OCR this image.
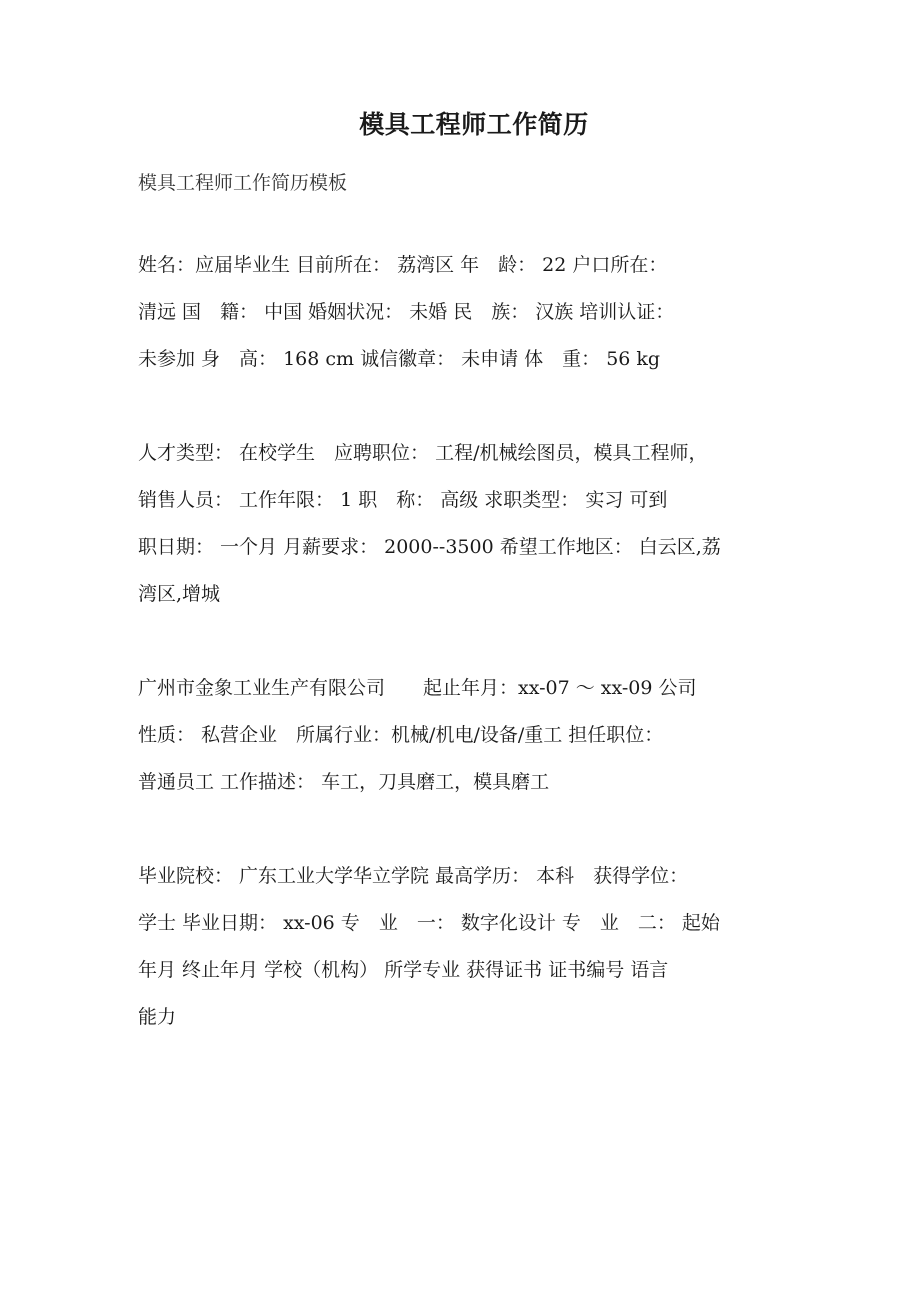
模具工程师工作简历

模具工程师工作简历模板

姓名：应届毕业生 目前所在： 荔湾区 年　龄： 22 户口所在：
清远 国　籍： 中国 婚姻状况： 未婚 民　族： 汉族 培训认证：
未参加 身　高： 168 cm 诚信徽章： 未申请 体　重： 56 kg
人才类型： 在校学生　应聘职位： 工程/机械绘图员，模具工程师，
销售人员： 工作年限： 1 职　称： 高级 求职类型： 实习 可到
职日期： 一个月 月薪要求： 2000--3500 希望工作地区： 白云区,荔
湾区,增城
广州市金象工业生产有限公司　　起止年月：xx-07 ～ xx-09 公司
性质： 私营企业　所属行业：机械/机电/设备/重工 担任职位：
普通员工 工作描述： 车工，刀具磨工，模具磨工
毕业院校： 广东工业大学华立学院 最高学历： 本科　获得学位：
学士 毕业日期： xx-06 专　业　一： 数字化设计 专　业　二： 起始
年月 终止年月 学校（机构） 所学专业 获得证书 证书编号 语言
能力
